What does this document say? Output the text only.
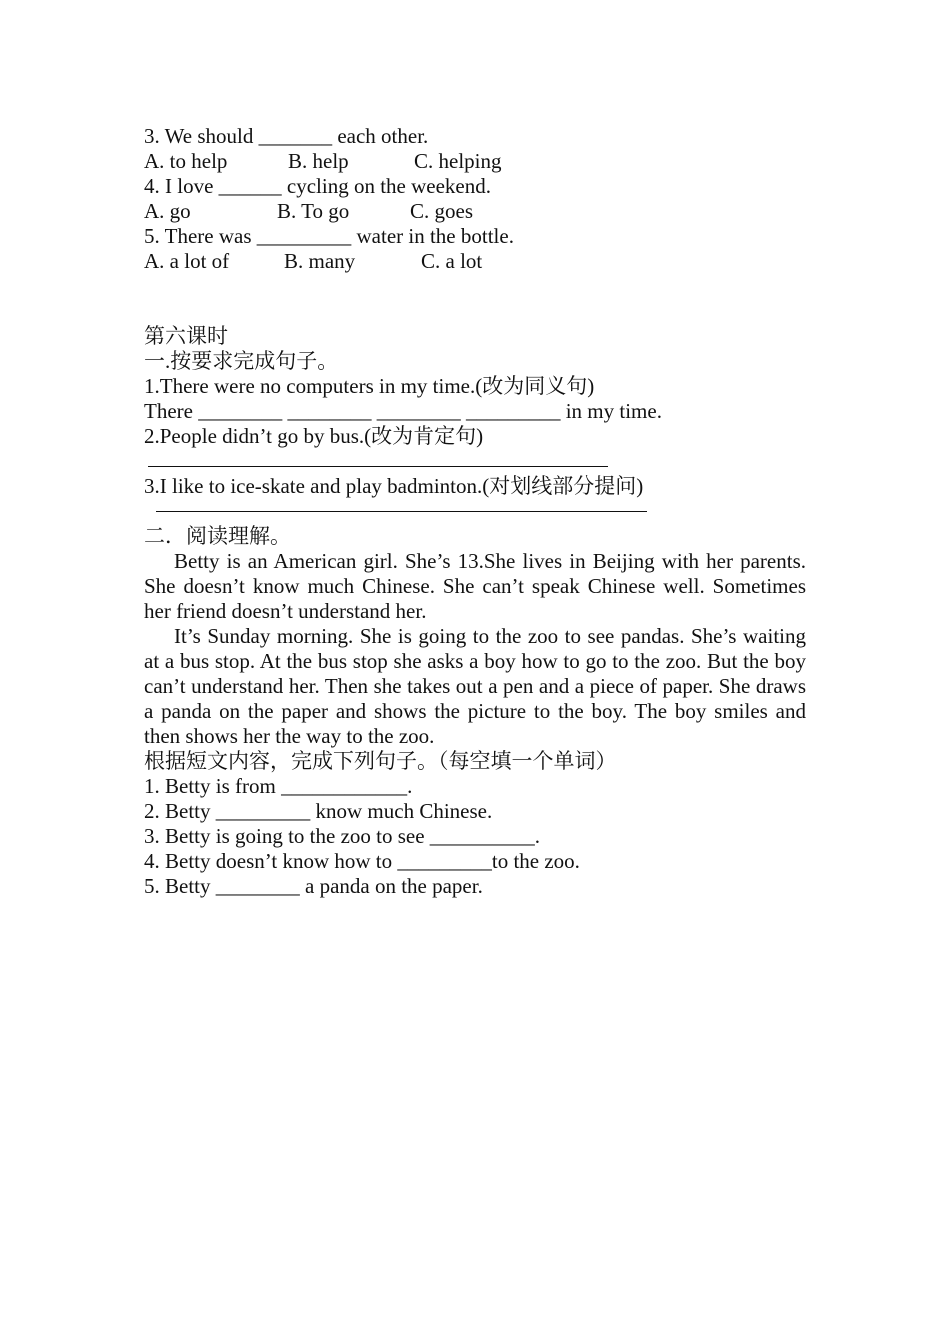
3. We should _______ each other.
A. to help	B. help	C. helping
4. I love ______ cycling on the weekend.
A. go	B. To go	C. goes
5. There was _________ water in the bottle.
A. a lot of	B. many	C. a lot
第六课时
一.按要求完成句子。
1.There were no computers in my time.(改为同义句)
There ________ ________ ________ _________ in my time.
2.People didn’t go by bus.(改为肯定句)
3.I like to ice-skate and play badminton.(对划线部分提问)
二．阅读理解。
Betty is an American girl. She’s 13.She lives in Beijing with her parents. She doesn’t know much Chinese. She can’t speak Chinese well. Sometimes her friend doesn’t understand her.
It’s Sunday morning. She is going to the zoo to see pandas. She’s waiting at a bus stop. At the bus stop she asks a boy how to go to the zoo. But the boy can’t understand her. Then she takes out a pen and a piece of paper. She draws a panda on the paper and shows the picture to the boy. The boy smiles and then shows her the way to the zoo.
根据短文内容，完成下列句子。（每空填一个单词）
1. Betty is from ____________.
2. Betty _________ know much Chinese.
3. Betty is going to the zoo to see __________.
4. Betty doesn’t know how to _________to the zoo.
5. Betty ________ a panda on the paper.
